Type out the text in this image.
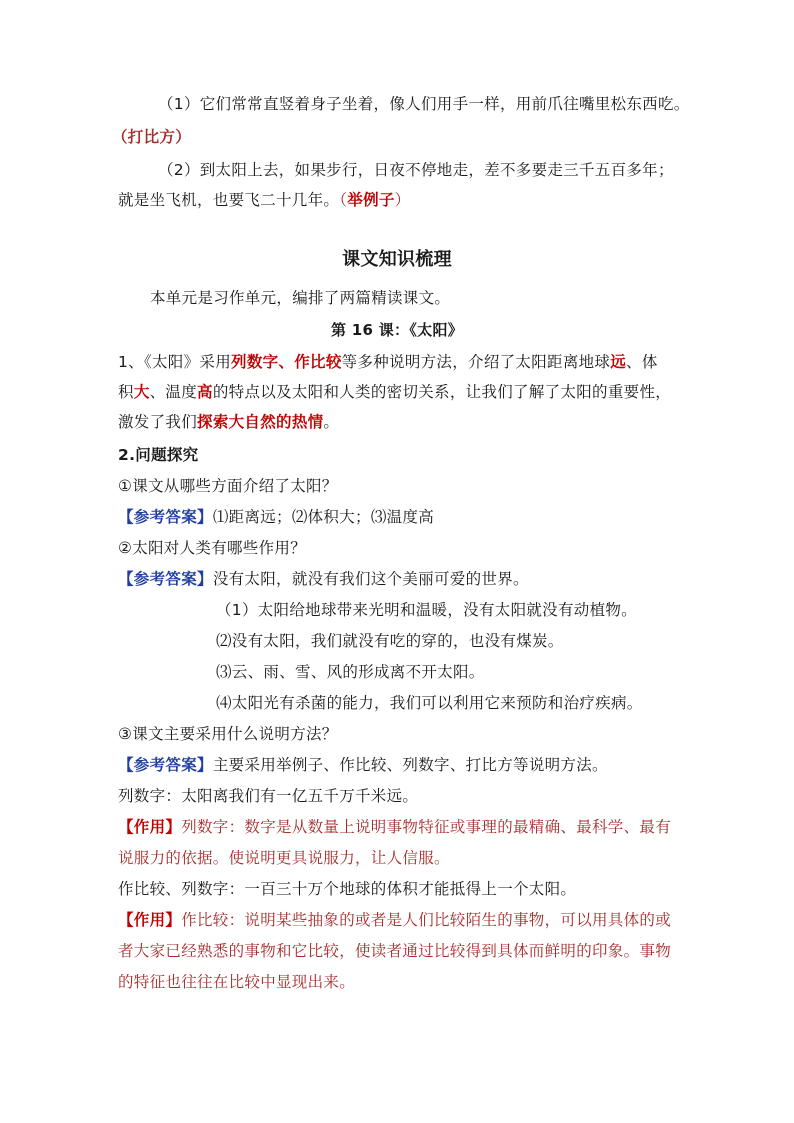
（1）它们常常直竖着身子坐着，像人们用手一样，用前爪往嘴里松东西吃。
（打比方）
（2）到太阳上去，如果步行，日夜不停地走，差不多要走三千五百多年；
就是坐飞机，也要飞二十几年。（举例子）
课文知识梳理
本单元是习作单元，编排了两篇精读课文。
第 16 课：《太阳》
1、《太阳》采用列数字、作比较等多种说明方法，介绍了太阳距离地球远、体
积大、温度高的特点以及太阳和人类的密切关系，让我们了解了太阳的重要性，
激发了我们探索大自然的热情。
2.问题探究
①课文从哪些方面介绍了太阳？
【参考答案】⑴距离远；⑵体积大；⑶温度高
②太阳对人类有哪些作用？
【参考答案】没有太阳，就没有我们这个美丽可爱的世界。
（1）太阳给地球带来光明和温暖，没有太阳就没有动植物。
⑵没有太阳，我们就没有吃的穿的，也没有煤炭。
⑶云、雨、雪、风的形成离不开太阳。
⑷太阳光有杀菌的能力，我们可以利用它来预防和治疗疾病。
③课文主要采用什么说明方法？
【参考答案】主要采用举例子、作比较、列数字、打比方等说明方法。
列数字：太阳离我们有一亿五千万千米远。
【作用】列数字：数字是从数量上说明事物特征或事理的最精确、最科学、最有
说服力的依据。使说明更具说服力，让人信服。
作比较、列数字：一百三十万个地球的体积才能抵得上一个太阳。
【作用】作比较：说明某些抽象的或者是人们比较陌生的事物，可以用具体的或
者大家已经熟悉的事物和它比较，使读者通过比较得到具体而鲜明的印象。事物
的特征也往往在比较中显现出来。
